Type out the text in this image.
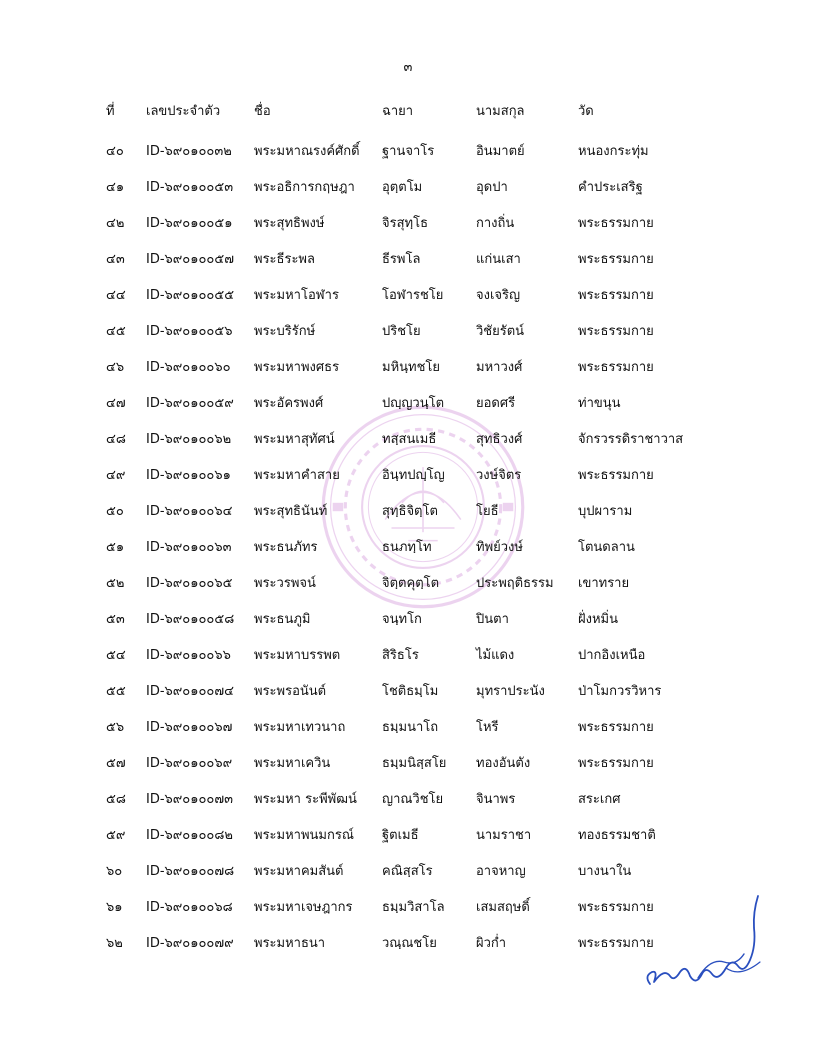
๓
ที่	เลขประจำตัว	ชื่อ	ฉายา	นามสกุล	วัด
๔๐	ID-๖๙๐๑๐๐๓๒	พระมหาณรงค์ศักดิ์	ฐานจาโร	อินมาตย์	หนองกระทุ่ม
๔๑	ID-๖๙๐๑๐๐๕๓	พระอธิการกฤษฎา	อุตฺตโม	อุดปา	คำประเสริฐ
๔๒	ID-๖๙๐๑๐๐๕๑	พระสุทธิพงษ์	จิรสุทฺโธ	กางถิ่น	พระธรรมกาย
๔๓	ID-๖๙๐๑๐๐๕๗	พระธีระพล	ธีรพโล	แก่นเสา	พระธรรมกาย
๔๔	ID-๖๙๐๑๐๐๕๕	พระมหาโอฬาร	โอฬารชโย	จงเจริญ	พระธรรมกาย
๔๕	ID-๖๙๐๑๐๐๕๖	พระบริรักษ์	ปริชโย	วิชัยรัตน์	พระธรรมกาย
๔๖	ID-๖๙๐๑๐๐๖๐	พระมหาพงศธร	มหินฺทชโย	มหาวงศ์	พระธรรมกาย
๔๗	ID-๖๙๐๑๐๐๕๙	พระอัครพงศ์	ปญฺญวนฺโต	ยอดศรี	ท่าขนุน
๔๘	ID-๖๙๐๑๐๐๖๒	พระมหาสุทัศน์	ทสฺสนเมธี	สุทธิวงศ์	จักรวรรดิราชาวาส
๔๙	ID-๖๙๐๑๐๐๖๑	พระมหาคำสาย	อินฺทปญฺโญ	วงษ์จิตร	พระธรรมกาย
๕๐	ID-๖๙๐๑๐๐๖๔	พระสุทธินันท์	สุทฺธิจิตฺโต	โยธี	บุปผาราม
๕๑	ID-๖๙๐๑๐๐๖๓	พระธนภัทร	ธนภทฺโท	ทิพย์วงษ์	โตนดลาน
๕๒	ID-๖๙๐๑๐๐๖๕	พระวรพจน์	จิตฺตคุตฺโต	ประพฤติธรรม	เขาทราย
๕๓	ID-๖๙๐๑๐๐๕๘	พระธนภูมิ	จนฺทโก	ปินตา	ฝั่งหมิ่น
๕๔	ID-๖๙๐๑๐๐๖๖	พระมหาบรรพต	สิริธโร	ไม้แดง	ปากอิงเหนือ
๕๕	ID-๖๙๐๑๐๐๗๔	พระพรอนันต์	โชติธมฺโม	มุทราประนัง	ป่าโมกวรวิหาร
๕๖	ID-๖๙๐๑๐๐๖๗	พระมหาเทวนาถ	ธมฺมนาโถ	โหรี	พระธรรมกาย
๕๗	ID-๖๙๐๑๐๐๖๙	พระมหาเควิน	ธมฺมนิสฺสโย	ทองอันตัง	พระธรรมกาย
๕๘	ID-๖๙๐๑๐๐๗๓	พระมหา ระพีพัฒน์	ญาณวิชโย	จินาพร	สระเกศ
๕๙	ID-๖๙๐๑๐๐๘๒	พระมหาพนมกรณ์	ฐิตเมธี	นามราชา	ทองธรรมชาติ
๖๐	ID-๖๙๐๑๐๐๗๘	พระมหาคมสันต์	คณิสฺสโร	อาจหาญ	บางนาใน
๖๑	ID-๖๙๐๑๐๐๖๘	พระมหาเจษฎากร	ธมฺมวิสาโล	เสมสฤษดิ์	พระธรรมกาย
๖๒	ID-๖๙๐๑๐๐๗๙	พระมหาธนา	วณฺณชโย	ผิวก่ำ	พระธรรมกาย
